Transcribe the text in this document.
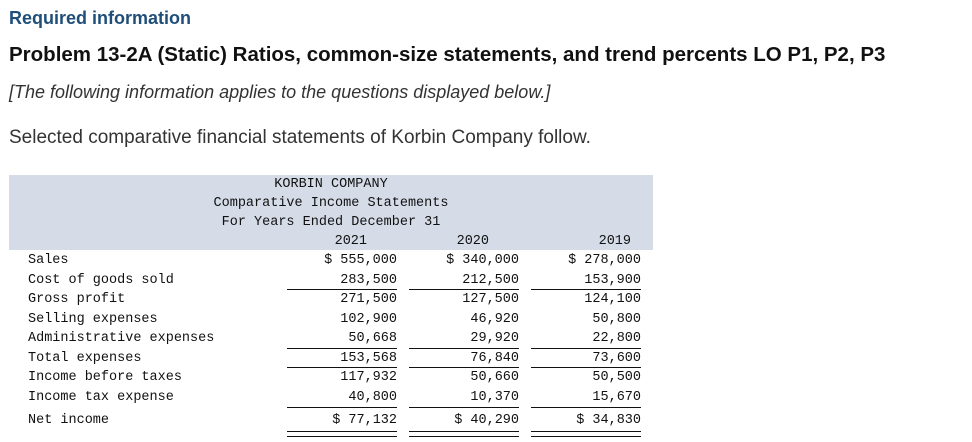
Required information
Problem 13-2A (Static) Ratios, common-size statements, and trend percents LO P1, P2, P3
[The following information applies to the questions displayed below.]
Selected comparative financial statements of Korbin Company follow.
KORBIN COMPANY
Comparative Income Statements
For Years Ended December 31
2021	2020	2019
Sales	$ 555,000	$ 340,000	$ 278,000
Cost of goods sold	283,500	212,500	153,900
Gross profit	271,500	127,500	124,100
Selling expenses	102,900	46,920	50,800
Administrative expenses	50,668	29,920	22,800
Total expenses	153,568	76,840	73,600
Income before taxes	117,932	50,660	50,500
Income tax expense	40,800	10,370	15,670
Net income	$ 77,132	$ 40,290	$ 34,830
